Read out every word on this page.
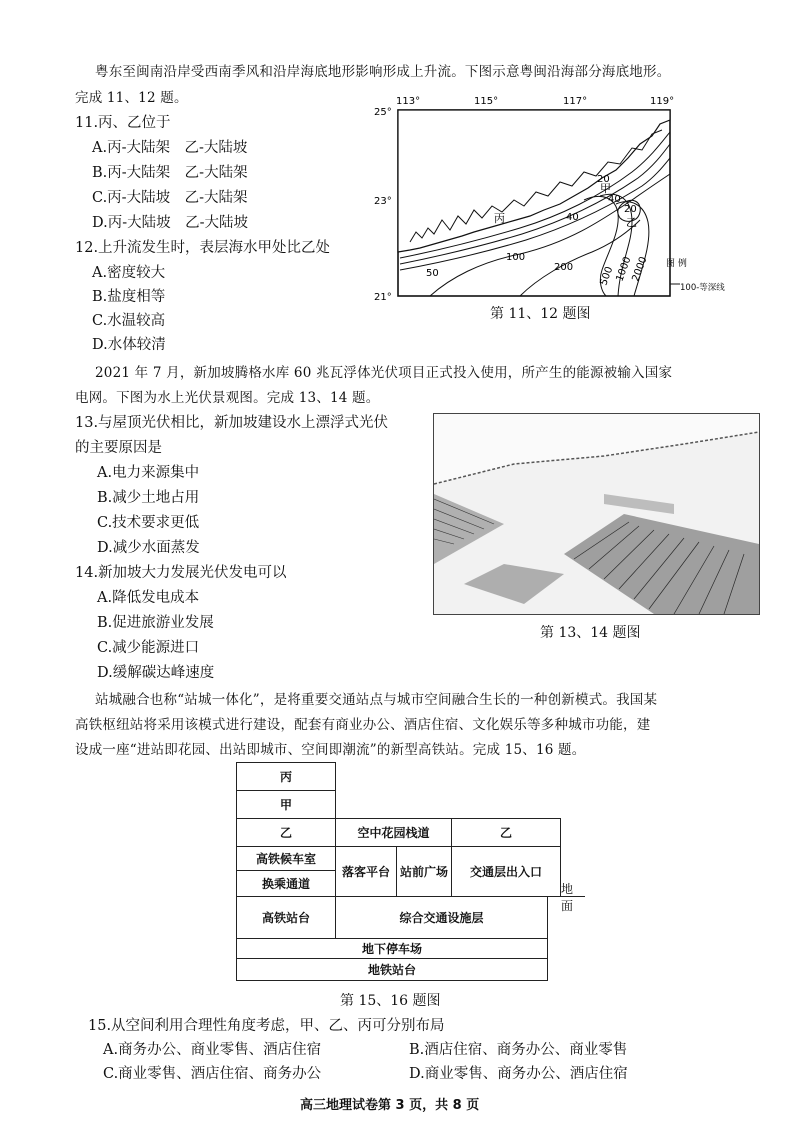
粤东至闽南沿岸受西南季风和沿岸海底地形影响形成上升流。下图示意粤闽沿海部分海底地形。
完成 11、12 题。
11.丙、乙位于
A.丙-大陆架　乙-大陆坡
B.丙-大陆架　乙-大陆架
C.丙-大陆坡　乙-大陆架
D.丙-大陆坡　乙-大陆坡
12.上升流发生时，表层海水甲处比乙处
A.密度较大
B.盐度相等
C.水温较高
D.水体较清
113°	115°	117°	119°
25°
23°
21°
20
40
20
40
50
100
200	500 1000
2000
甲
乙
丙
图 例
100-等深线
第 11、12 题图
2021 年 7 月，新加坡腾格水库 60 兆瓦浮体光伏项目正式投入使用，所产生的能源被输入国家
电网。下图为水上光伏景观图。完成 13、14 题。
13.与屋顶光伏相比，新加坡建设水上漂浮式光伏
的主要原因是
A.电力来源集中
B.减少土地占用
C.技术要求更低
D.减少水面蒸发
14.新加坡大力发展光伏发电可以
A.降低发电成本
B.促进旅游业发展
C.减少能源进口
D.缓解碳达峰速度
第 13、14 题图
站城融合也称“站城一体化”，是将重要交通站点与城市空间融合生长的一种创新模式。我国某
高铁枢纽站将采用该模式进行建设，配套有商业办公、酒店住宿、文化娱乐等多种城市功能，建
设成一座“进站即花园、出站即城市、空间即潮流”的新型高铁站。完成 15、16 题。
丙
甲
乙	空中花园栈道	乙
高铁候车室
换乘通道
落客平台 站前广场 交通层出入口
地面
高铁站台	综合交通设施层
地下停车场
地铁站台
第 15、16 题图
15.从空间利用合理性角度考虑，甲、乙、丙可分别布局
A.商务办公、商业零售、酒店住宿	B.酒店住宿、商务办公、商业零售
C.商业零售、酒店住宿、商务办公	D.商业零售、商务办公、酒店住宿
高三地理试卷第 3 页，共 8 页
